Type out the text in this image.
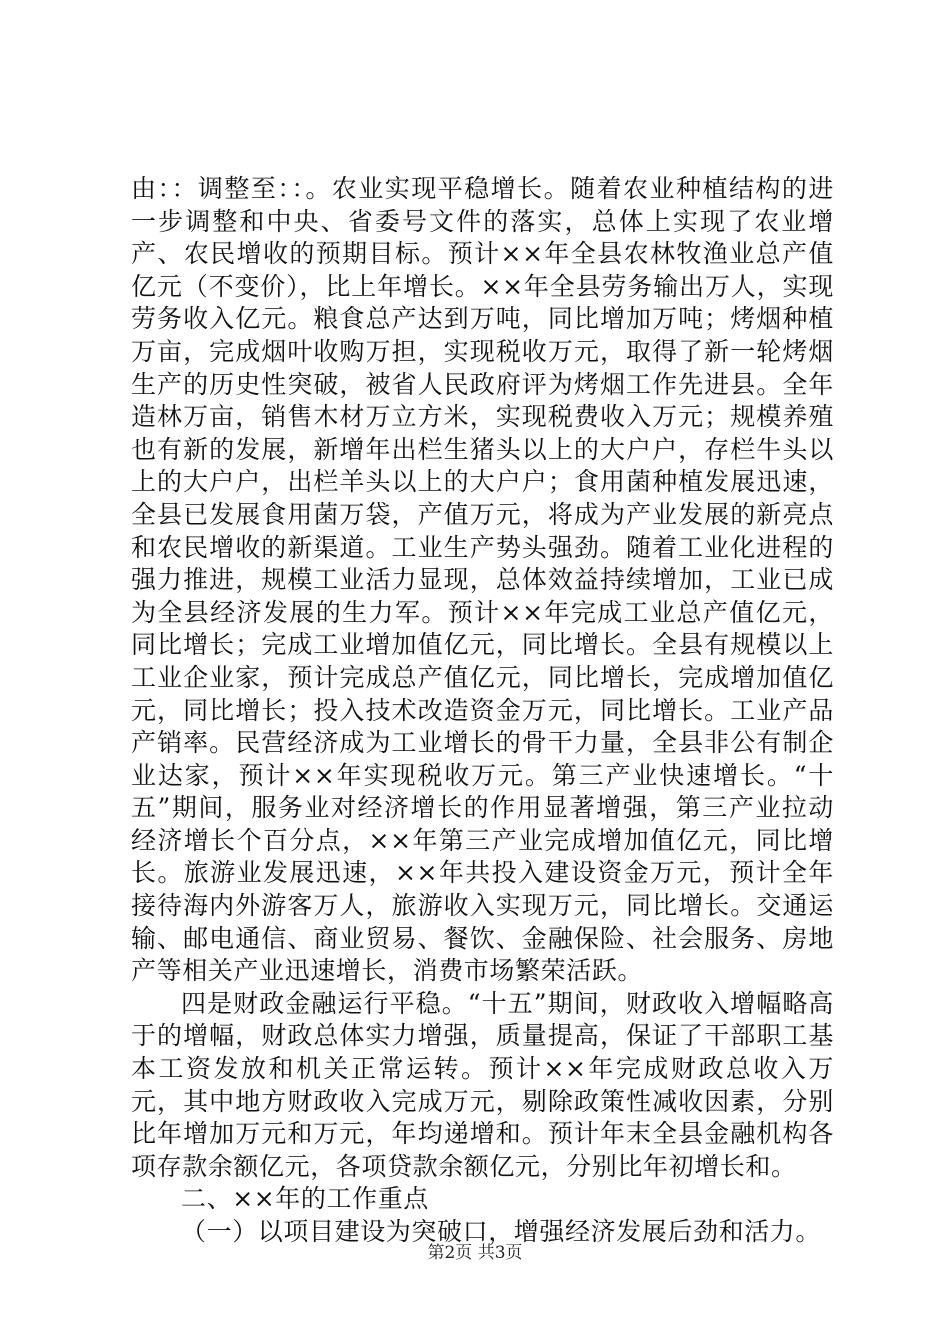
由：：调整至：：。农业实现平稳增长。随着农业种植结构的进一步调整和中央、省委号文件的落实，总体上实现了农业增产、农民增收的预期目标。预计××年全县农林牧渔业总产值亿元（不变价），比上年增长。××年全县劳务输出万人，实现劳务收入亿元。粮食总产达到万吨，同比增加万吨；烤烟种植万亩，完成烟叶收购万担，实现税收万元，取得了新一轮烤烟生产的历史性突破，被省人民政府评为烤烟工作先进县。全年造林万亩，销售木材万立方米，实现税费收入万元；规模养殖也有新的发展，新增年出栏生猪头以上的大户户，存栏牛头以上的大户户，出栏羊头以上的大户户；食用菌种植发展迅速，全县已发展食用菌万袋，产值万元，将成为产业发展的新亮点和农民增收的新渠道。工业生产势头强劲。随着工业化进程的强力推进，规模工业活力显现，总体效益持续增加，工业已成为全县经济发展的生力军。预计××年完成工业总产值亿元，同比增长；完成工业增加值亿元，同比增长。全县有规模以上工业企业家，预计完成总产值亿元，同比增长，完成增加值亿元，同比增长；投入技术改造资金万元，同比增长。工业产品产销率。民营经济成为工业增长的骨干力量，全县非公有制企业达家，预计××年实现税收万元。第三产业快速增长。“十五”期间，服务业对经济增长的作用显著增强，第三产业拉动经济增长个百分点，××年第三产业完成增加值亿元，同比增长。旅游业发展迅速，××年共投入建设资金万元，预计全年接待海内外游客万人，旅游收入实现万元，同比增长。交通运输、邮电通信、商业贸易、餐饮、金融保险、社会服务、房地产等相关产业迅速增长，消费市场繁荣活跃。

四是财政金融运行平稳。“十五”期间，财政收入增幅略高于的增幅，财政总体实力增强，质量提高，保证了干部职工基本工资发放和机关正常运转。预计××年完成财政总收入万元，其中地方财政收入完成万元，剔除政策性减收因素，分别比年增加万元和万元，年均递增和。预计年末全县金融机构各项存款余额亿元，各项贷款余额亿元，分别比年初增长和。

二、××年的工作重点

（一）以项目建设为突破口，增强经济发展后劲和活力。

第2页 共3页
